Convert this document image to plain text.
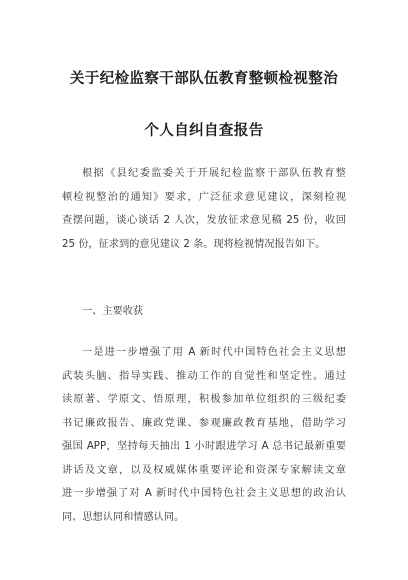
关于纪检监察干部队伍教育整顿检视整治
个人自纠自查报告
根据《县纪委监委关于开展纪检监察干部队伍教育整
顿检视整治的通知》要求，广泛征求意见建议，深刻检视
查摆问题，谈心谈话 2 人次，发放征求意见稿 25 份，收回
25 份，征求到的意见建议 2 条。现将检视情况报告如下。
一、主要收获
一是进一步增强了用 A 新时代中国特色社会主义思想
武装头脑、指导实践、推动工作的自觉性和坚定性。通过
读原著、学原文、悟原理，积极参加单位组织的三级纪委
书记廉政报告、廉政党课、参观廉政教育基地，借助学习
强国 APP，坚持每天抽出 1 小时跟进学习 A 总书记最新重要
讲话及文章，以及权威媒体重要评论和资深专家解读文章
进一步增强了对 A 新时代中国特色社会主义思想的政治认
同、思想认同和情感认同。
